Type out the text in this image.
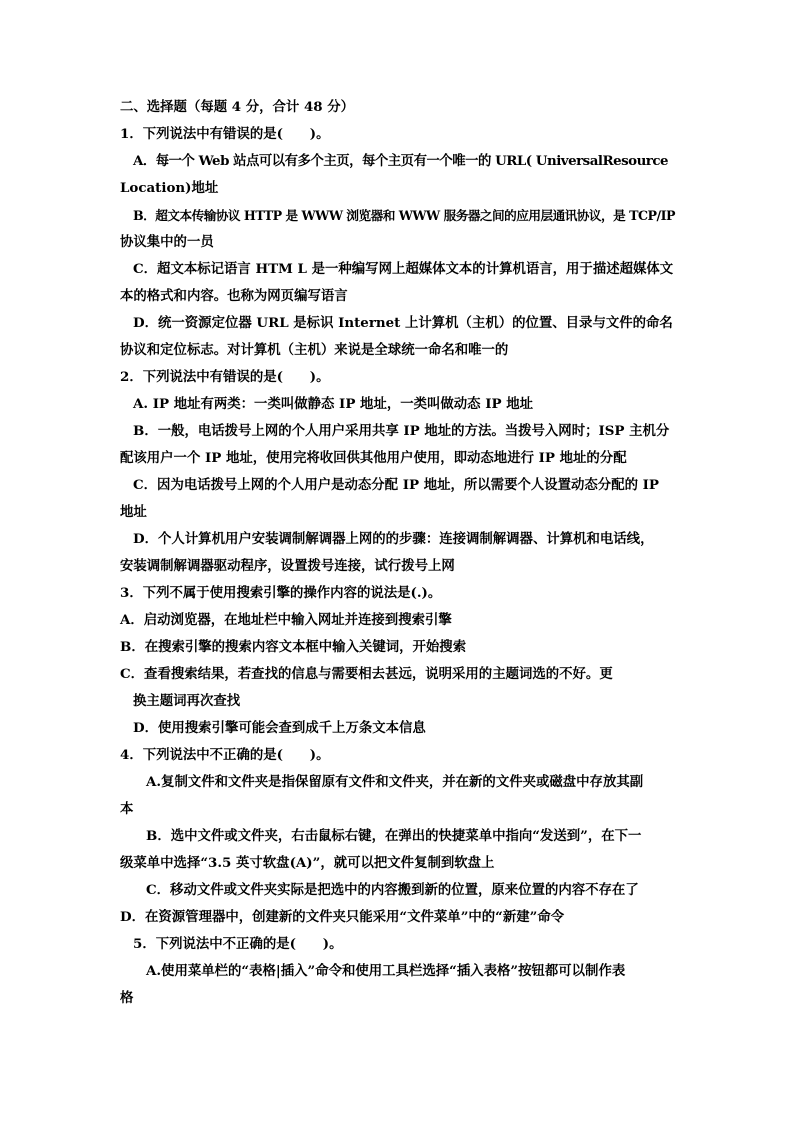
二、选择题（每题 4 分，合计 48 分）
1．下列说法中有错误的是(　　)。
A．每一个 Web 站点可以有多个主页，每个主页有一个唯一的 URL( UniversalResource
Location)地址
B．超文本传输协议 HTTP 是 WWW 浏览器和 WWW 服务器之间的应用层通讯协议，是 TCP/IP
协议集中的一员
C．超文本标记语言 HTM L 是一种编写网上超媒体文本的计算机语言，用于描述超媒体文
本的格式和内容。也称为网页编写语言
D．统一资源定位器 URL 是标识 Internet 上计算机（主机）的位置、目录与文件的命名
协议和定位标志。对计算机（主机）来说是全球统一命名和唯一的
2．下列说法中有错误的是(　　)。
A. IP 地址有两类：一类叫做静态 IP 地址，一类叫做动态 IP 地址
B．一般，电话拨号上网的个人用户采用共享 IP 地址的方法。当拨号入网时；ISP 主机分
配该用户一个 IP 地址，使用完将收回供其他用户使用，即动态地进行 IP 地址的分配
C．因为电话拨号上网的个人用户是动态分配 IP 地址，所以需要个人设置动态分配的 IP
地址
D．个人计算机用户安装调制解调器上网的的步骤：连接调制解调器、计算机和电话线，
安装调制解调器驱动程序，设置拨号连接，试行拨号上网
3．下列不属于使用搜索引擎的操作内容的说法是(.)。
A．启动浏览器，在地址栏中输入网址并连接到搜索引擎
B．在搜索引擎的搜索内容文本框中输入关键词，开始搜索
C．查看搜索结果，若查找的信息与需要相去甚远，说明采用的主题词选的不好。更
换主题词再次查找
D．使用搜索引擎可能会查到成千上万条文本信息
4．下列说法中不正确的是(　　)。
A.复制文件和文件夹是指保留原有文件和文件夹，并在新的文件夹或磁盘中存放其副
本
B．选中文件或文件夹，右击鼠标右键，在弹出的快捷菜单中指向“发送到”，在下一
级菜单中选择“3.5 英寸软盘(A)”，就可以把文件复制到软盘上
C．移动文件或文件夹实际是把选中的内容搬到新的位置，原来位置的内容不存在了
D．在资源管理器中，创建新的文件夹只能采用“文件菜单”中的“新建”命令
5．下列说法中不正确的是(　　)。
A.使用菜单栏的“表格|插入”命令和使用工具栏选择“插入表格”按钮都可以制作表
格
